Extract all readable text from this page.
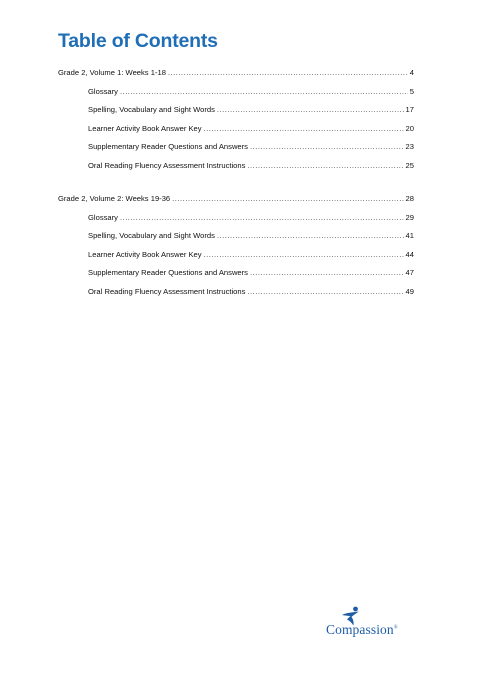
Table of Contents
Grade 2, Volume 1: Weeks 1-18 .....	4
Glossary .....	5
Spelling, Vocabulary and Sight Words .....	17
Learner Activity Book Answer Key .....	20
Supplementary Reader Questions and Answers .....	23
Oral Reading Fluency Assessment Instructions .....	25
Grade 2, Volume 2: Weeks 19-36 .....	28
Glossary .....	29
Spelling, Vocabulary and Sight Words .....	41
Learner Activity Book Answer Key .....	44
Supplementary Reader Questions and Answers .....	47
Oral Reading Fluency Assessment Instructions .....	49
Compassion®
